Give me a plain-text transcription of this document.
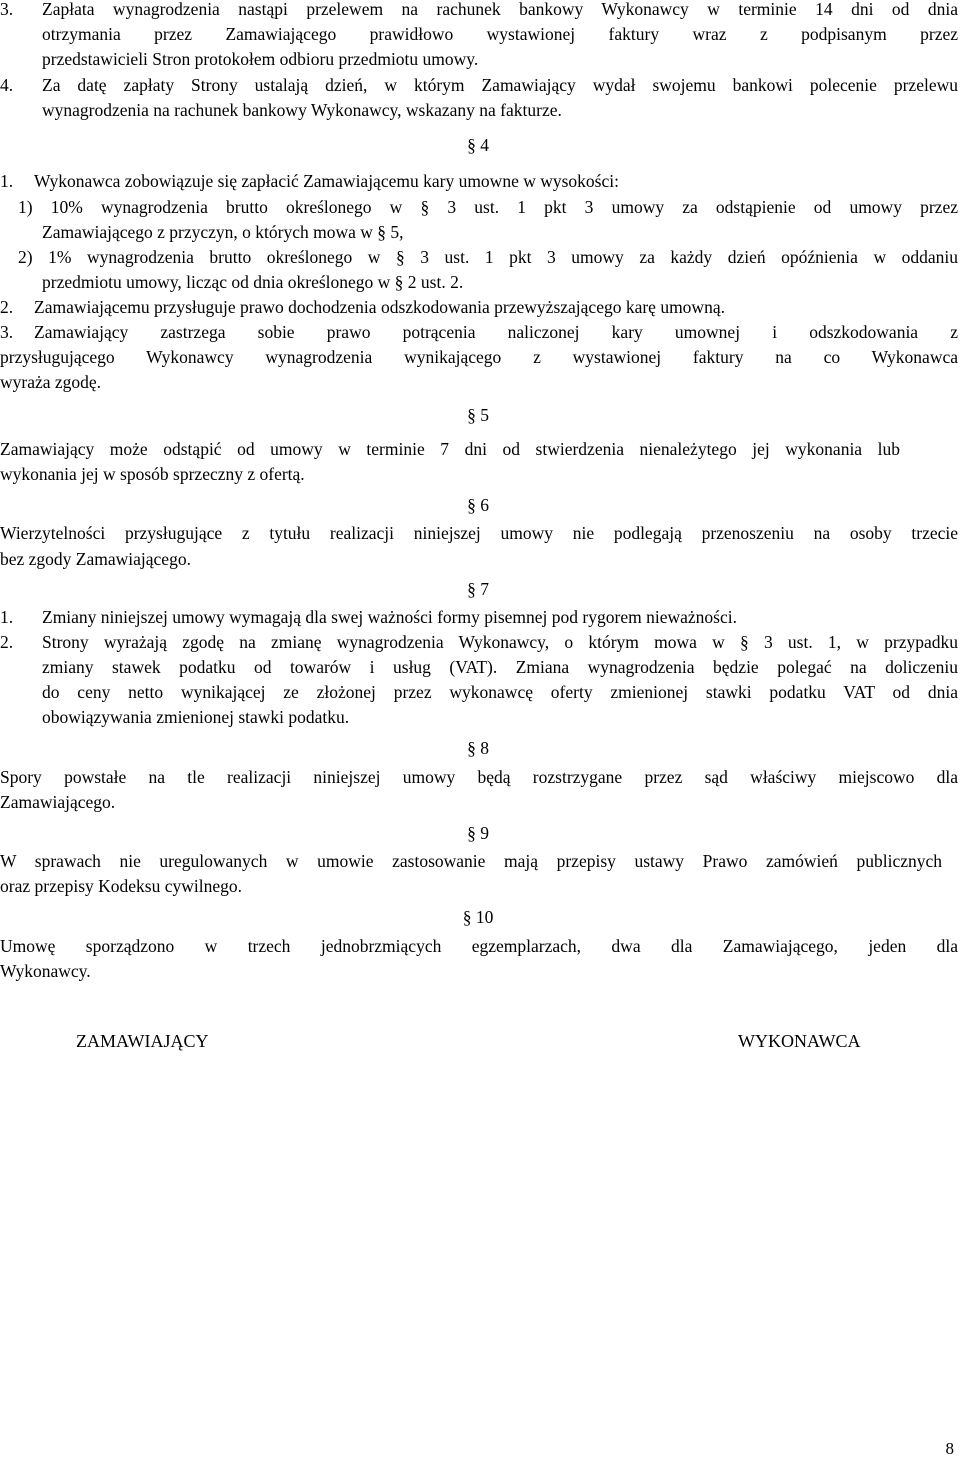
3. Zapłata wynagrodzenia nastąpi przelewem na rachunek bankowy Wykonawcy w terminie 14 dni od dnia
otrzymania przez Zamawiającego prawidłowo wystawionej faktury wraz z podpisanym przez
przedstawicieli Stron protokołem odbioru przedmiotu umowy.
4. Za datę zapłaty Strony ustalają dzień, w którym Zamawiający wydał swojemu bankowi polecenie przelewu
wynagrodzenia na rachunek bankowy Wykonawcy, wskazany na fakturze.
§ 4
1. Wykonawca zobowiązuje się zapłacić Zamawiającemu kary umowne w wysokości:
1) 10% wynagrodzenia brutto określonego w § 3 ust. 1 pkt 3 umowy za odstąpienie od umowy przez
Zamawiającego z przyczyn, o których mowa w § 5,
2) 1% wynagrodzenia brutto określonego w § 3 ust. 1 pkt 3 umowy za każdy dzień opóźnienia w oddaniu
przedmiotu umowy, licząc od dnia określonego w § 2 ust. 2.
2. Zamawiającemu przysługuje prawo dochodzenia odszkodowania przewyższającego karę umowną.
3. Zamawiający zastrzega sobie prawo potrącenia naliczonej kary umownej i odszkodowania z
przysługującego Wykonawcy wynagrodzenia wynikającego z wystawionej faktury na co Wykonawca
wyraża zgodę.
§ 5
Zamawiający może odstąpić od umowy w terminie 7 dni od stwierdzenia nienależytego jej wykonania lub
wykonania jej w sposób sprzeczny z ofertą.
§ 6
Wierzytelności przysługujące z tytułu realizacji niniejszej umowy nie podlegają przenoszeniu na osoby trzecie
bez zgody Zamawiającego.
§ 7
1. Zmiany niniejszej umowy wymagają dla swej ważności formy pisemnej pod rygorem nieważności.
2. Strony wyrażają zgodę na zmianę wynagrodzenia Wykonawcy, o którym mowa w § 3 ust. 1, w przypadku
zmiany stawek podatku od towarów i usług (VAT). Zmiana wynagrodzenia będzie polegać na doliczeniu
do ceny netto wynikającej ze złożonej przez wykonawcę oferty zmienionej stawki podatku VAT od dnia
obowiązywania zmienionej stawki podatku.
§ 8
Spory powstałe na tle realizacji niniejszej umowy będą rozstrzygane przez sąd właściwy miejscowo dla
Zamawiającego.
§ 9
W sprawach nie uregulowanych w umowie zastosowanie mają przepisy ustawy Prawo zamówień publicznych
oraz przepisy Kodeksu cywilnego.
§ 10
Umowę sporządzono w trzech jednobrzmiących egzemplarzach, dwa dla Zamawiającego, jeden dla
Wykonawcy.
ZAMAWIAJĄCY	WYKONAWCA
8
